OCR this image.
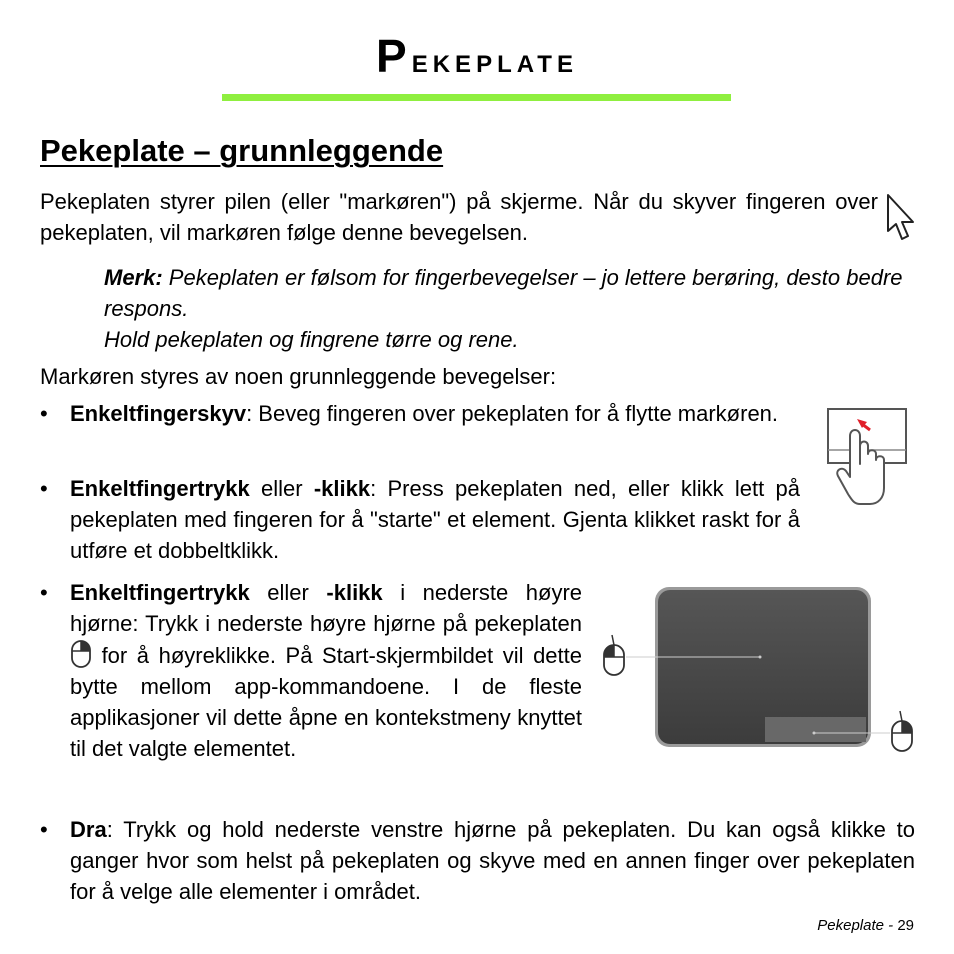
Pekeplate
Pekeplate – grunnleggende

Pekeplaten styrer pilen (eller "markøren") på skjerme. Når du skyver fingeren over pekeplaten, vil markøren følge denne bevegelsen.

Merk: Pekeplaten er følsom for fingerbevegelser – jo lettere berøring, desto bedre respons.
Hold pekeplaten og fingrene tørre og rene.

Markøren styres av noen grunnleggende bevegelser:

• Enkeltfingerskyv: Beveg fingeren over pekeplaten for å flytte markøren.
• Enkeltfingertrykk eller -klikk: Press pekeplaten ned, eller klikk lett på pekeplaten med fingeren for å "starte" et element. Gjenta klikket raskt for å utføre et dobbeltklikk.
• Enkeltfingertrykk eller -klikk i nederste høyre hjørne: Trykk i nederste høyre hjørne på pekeplaten  for å høyreklikke. På Start-skjermbildet vil dette bytte mellom app-kommandoene. I de fleste applikasjoner vil dette åpne en kontekstmeny knyttet til det valgte elementet.
• Dra: Trykk og hold nederste venstre hjørne på pekeplaten. Du kan også klikke to ganger hvor som helst på pekeplaten og skyve med en annen finger over pekeplaten for å velge alle elementer i området.
Pekeplate - 29
